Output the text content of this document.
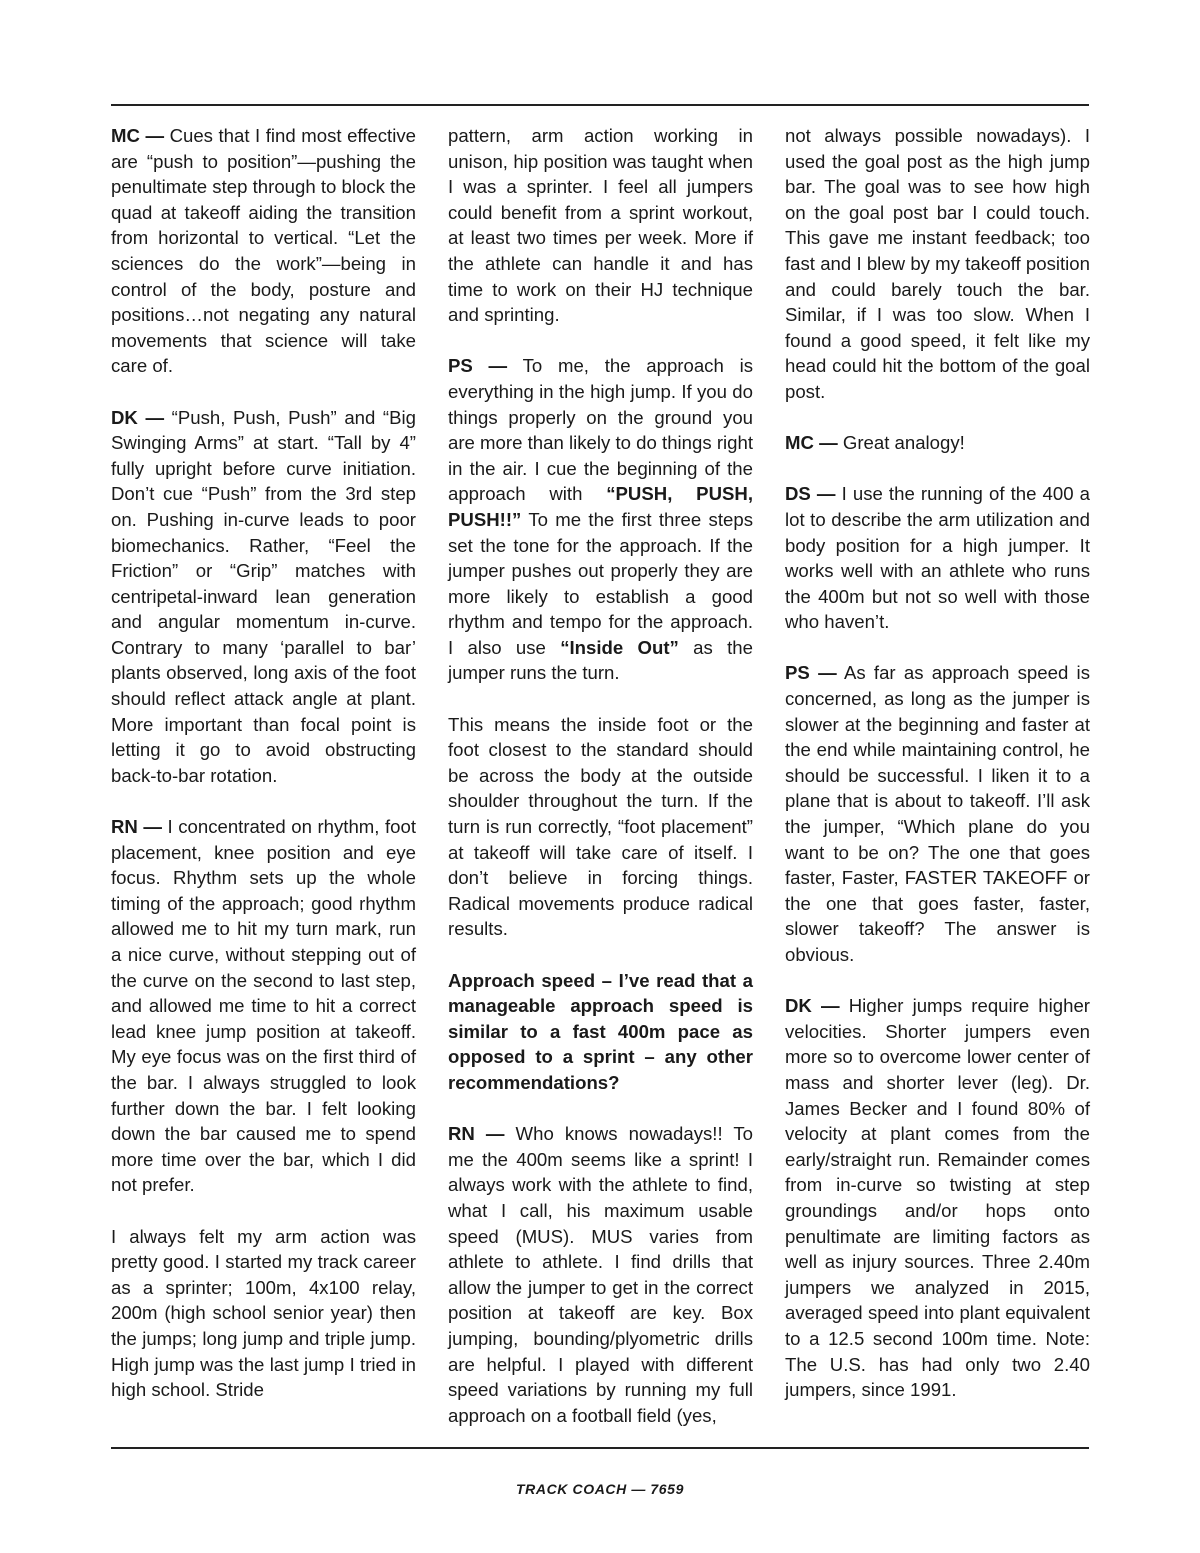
MC — Cues that I find most effective are “push to position”—pushing the penultimate step through to block the quad at takeoff aiding the transition from horizontal to vertical. “Let the sciences do the work”—being in control of the body, posture and positions…not negating any natural movements that science will take care of.

DK — “Push, Push, Push” and “Big Swinging Arms” at start. “Tall by 4” fully upright before curve initiation. Don’t cue “Push” from the 3rd step on. Pushing in-curve leads to poor biomechanics. Rather, “Feel the Friction” or “Grip” matches with centripetal-inward lean generation and angular momentum in-curve. Contrary to many ‘parallel to bar’ plants observed, long axis of the foot should reflect attack angle at plant. More important than focal point is letting it go to avoid obstructing back-to-bar rotation.

RN — I concentrated on rhythm, foot placement, knee position and eye focus. Rhythm sets up the whole timing of the approach; good rhythm allowed me to hit my turn mark, run a nice curve, without stepping out of the curve on the second to last step, and allowed me time to hit a correct lead knee jump position at takeoff. My eye focus was on the first third of the bar. I always struggled to look further down the bar. I felt looking down the bar caused me to spend more time over the bar, which I did not prefer.

I always felt my arm action was pretty good. I started my track career as a sprinter; 100m, 4x100 relay, 200m (high school senior year) then the jumps; long jump and triple jump. High jump was the last jump I tried in high school. Stride

pattern, arm action working in unison, hip position was taught when I was a sprinter. I feel all jumpers could benefit from a sprint workout, at least two times per week. More if the athlete can handle it and has time to work on their HJ technique and sprinting.

PS — To me, the approach is everything in the high jump. If you do things properly on the ground you are more than likely to do things right in the air. I cue the beginning of the approach with “PUSH, PUSH, PUSH!!” To me the first three steps set the tone for the approach. If the jumper pushes out properly they are more likely to establish a good rhythm and tempo for the approach. I also use “Inside Out” as the jumper runs the turn.

This means the inside foot or the foot closest to the standard should be across the body at the outside shoulder throughout the turn. If the turn is run correctly, “foot placement” at takeoff will take care of itself. I don’t believe in forcing things. Radical movements produce radical results.

Approach speed – I’ve read that a manageable approach speed is similar to a fast 400m pace as opposed to a sprint – any other recommendations?

RN — Who knows nowadays!! To me the 400m seems like a sprint! I always work with the athlete to find, what I call, his maximum usable speed (MUS). MUS varies from athlete to athlete. I find drills that allow the jumper to get in the correct position at takeoff are key. Box jumping, bounding/plyometric drills are helpful. I played with different speed variations by running my full approach on a football field (yes,

not always possible nowadays). I used the goal post as the high jump bar. The goal was to see how high on the goal post bar I could touch. This gave me instant feedback; too fast and I blew by my takeoff position and could barely touch the bar. Similar, if I was too slow. When I found a good speed, it felt like my head could hit the bottom of the goal post.

MC — Great analogy!

DS — I use the running of the 400 a lot to describe the arm utilization and body position for a high jumper. It works well with an athlete who runs the 400m but not so well with those who haven’t.

PS — As far as approach speed is concerned, as long as the jumper is slower at the beginning and faster at the end while maintaining control, he should be successful. I liken it to a plane that is about to takeoff. I’ll ask the jumper, “Which plane do you want to be on? The one that goes faster, Faster, FASTER TAKEOFF or the one that goes faster, faster, slower takeoff? The answer is obvious.

DK — Higher jumps require higher velocities. Shorter jumpers even more so to overcome lower center of mass and shorter lever (leg). Dr. James Becker and I found 80% of velocity at plant comes from the early/straight run. Remainder comes from in-curve so twisting at step groundings and/or hops onto penultimate are limiting factors as well as injury sources. Three 2.40m jumpers we analyzed in 2015, averaged speed into plant equivalent to a 12.5 second 100m time. Note: The U.S. has had only two 2.40 jumpers, since 1991.

TRACK COACH — 7659
